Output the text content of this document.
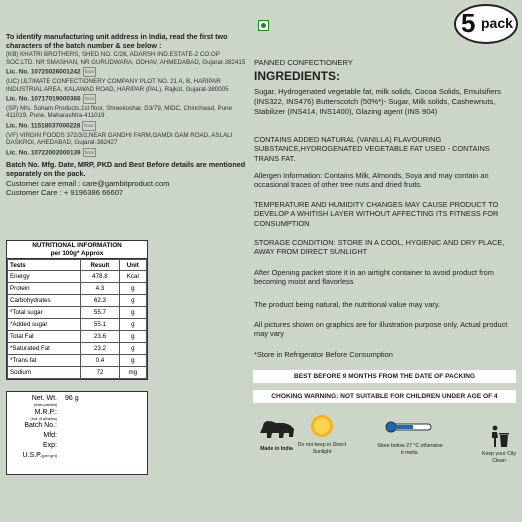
5 pack
To identify manufacturing unit address in India, read the first two characters of the batch number & see below :
(KB) KHATRI BROTHERS, SHED NO. C/26, ADARSH IND.ESTATE-2 CO.OP SOC.LTD. NR SMASHAN, NR GURUDWARA, ODHAV, AHMEDABAD, Gujarat-382415
Lic. No. 10725026001242 fssai
(UC) ULTIMATE CONFECTIONERY COMPANY PLOT NO. 21 A, B, HARIPAR INDUSTRIAL AREA, KALAWAD ROAD, HARIPAR (PAL), Rajkot, Gujarat-380005
Lic. No. 10717019000366 fssai
(SP) M/s. Soham Products,1st floor, Shreekoshar, D3/79, MIDC, Chinchwad, Pune 411019, Pune, Maharashtra-411019
Lic. No. 11518037000228 fssai
(VF) VIRGIN FOODS 372/3/2,NEAR GANDHI FARM,GAMDI GAM ROAD, ASLALI DASKROI, AHEDABAD, Gujarat-382427
Lic. No. 10722002000139 fssai
Batch No. Mfg. Date, MRP, PKD and Best Before details are mentioned separately on the pack.
Customer care email : care@gambitproduct.com
Customer Care : + 9196386 66607
NUTRITIONAL INFORMATION
per 100g* Approx
Tests	Result	Unit
Energy	478.8	Kcal
Protein	4.3	g
Carbohydrates	62.3	g
*Total sugar	55.7	g
*Added sugar	55.1	g
Total Fat	23.6	g
*Saturated Fat	23.2	g
*Trans fat	0.4	g
Sodium	72	mg
Net. Wt.
(when packed)
96 g
M.R.P.:
(Incl. of all taxes)
Batch No.:
Mfd:
Exp:
U.S.P.(per gm)
PANNED CONFECTIONERY
INGREDIENTS:
Sugar, Hydrogenated vegetable fat, milk solids, Cocoa Solids, Emulsifiers (INS322, INS476) Butterscotch (50%*)- Sugar, Milk solids, Cashewnuts, Stabilizer (INS414, INS1400), Glazing agent (INS 904)
CONTAINS ADDED NATURAL (VANILLA) FLAVOURING SUBSTANCE,HYDROGENATED VEGETABLE FAT USED - CONTAINS TRANS FAT.
Allergen Information: Contains Milk, Almonds, Soya and may contain an occasional traces of other tree nuts and dried fruits.
TEMPERATURE AND HUMIDITY CHANGES MAY CAUSE PRODUCT TO DEVELOP A WHITISH LAYER WITHOUT AFFECTING ITS FITNESS FOR CONSUMPTION
STORAGE CONDITION: STORE IN A COOL, HYGIENIC AND DRY PLACE, AWAY FROM DIRECT SUNLIGHT
After Opening packet store it in an airtight container to avoid product from becoming moist and flavorless
The product being natural, the nutritional value may vary.
All pictures shown on graphics are for illustration purpose only, Actual product may vary
*Store in Refrigerator Before Consumption
BEST BEFORE 9 MONTHS FROM THE DATE OF PACKING
CHOKING WARNING: NOT SUITABLE FOR CHILDREN UNDER AGE OF 4
Made in India
Do not keep in Direct Sunlight
Store below 27 °C otherwise it melts.	Keep your City Clean
